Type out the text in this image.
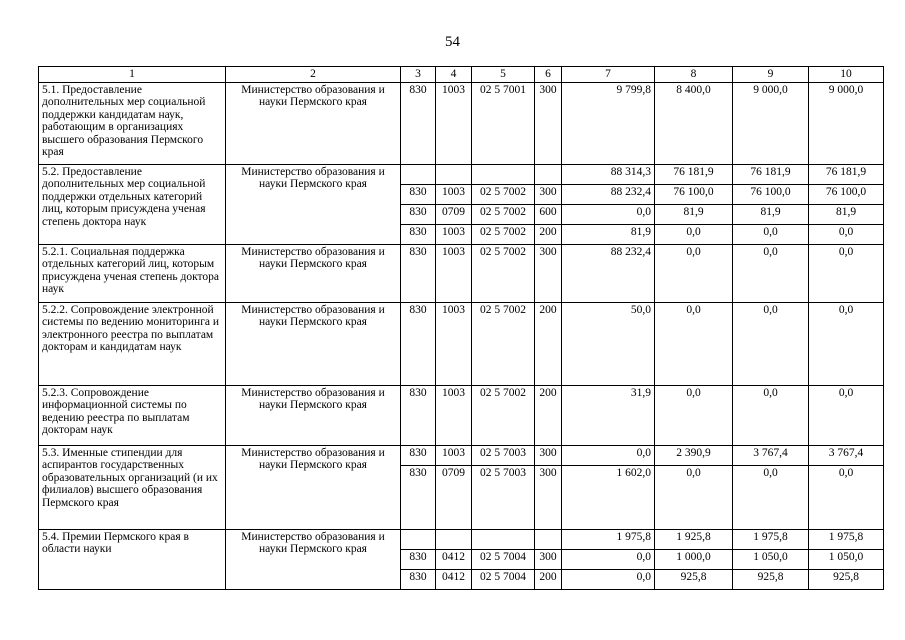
54
1	2	3	4	5	6	7	8	9	10
5.1. Предоставление дополнительных мер социальной поддержки кандидатам наук, работающим в организациях высшего образования Пермского края	Министерство образования и науки Пермского края	830	1003	02 5 7001	300	9 799,8	8 400,0	9 000,0	9 000,0
5.2. Предоставление дополнительных мер социальной поддержки отдельных категорий лиц, которым присуждена ученая степень доктора наук	Министерство образования и науки Пермского края					88 314,3	76 181,9	76 181,9	76 181,9
		830	1003	02 5 7002	300	88 232,4	76 100,0	76 100,0	76 100,0
		830	0709	02 5 7002	600	0,0	81,9	81,9	81,9
		830	1003	02 5 7002	200	81,9	0,0	0,0	0,0
5.2.1. Социальная поддержка отдельных категорий лиц, которым присуждена ученая степень доктора наук	Министерство образования и науки Пермского края	830	1003	02 5 7002	300	88 232,4	0,0	0,0	0,0
5.2.2. Сопровождение электронной системы по ведению мониторинга и электронного реестра по выплатам докторам и кандидатам наук	Министерство образования и науки Пермского края	830	1003	02 5 7002	200	50,0	0,0	0,0	0,0
5.2.3. Сопровождение информационной системы по ведению реестра по выплатам докторам наук	Министерство образования и науки Пермского края	830	1003	02 5 7002	200	31,9	0,0	0,0	0,0
5.3. Именные стипендии для аспирантов государственных образовательных организаций (и их филиалов) высшего образования Пермского края	Министерство образования и науки Пермского края	830	1003	02 5 7003	300	0,0	2 390,9	3 767,4	3 767,4
		830	0709	02 5 7003	300	1 602,0	0,0	0,0	0,0
5.4. Премии Пермского края в области науки	Министерство образования и науки Пермского края					1 975,8	1 925,8	1 975,8	1 975,8
		830	0412	02 5 7004	300	0,0	1 000,0	1 050,0	1 050,0
		830	0412	02 5 7004	200	0,0	925,8	925,8	925,8
